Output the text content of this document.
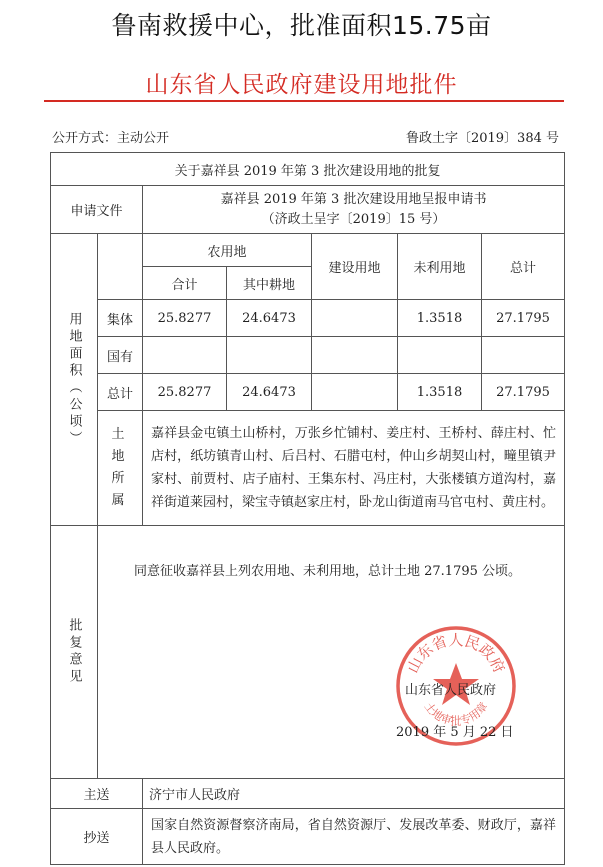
鲁南救援中心，批准面积15.75亩
山东省人民政府建设用地批件
公开方式：主动公开	鲁政土字〔2019〕384 号
关于嘉祥县 2019 年第 3 批次建设用地的批复						
申请文件		嘉祥县 2019 年第 3 批次建设用地呈报申请书
（济政土呈字〔2019〕15 号）				

用地面积（公顷）		农用地		建设用地	未利用地	总计
		合计	其中耕地			
	集体	25.8277	24.6473		1.3518	27.1795
	国有					
	总计	25.8277	24.6473		1.3518	27.1795

	土地所属	嘉祥县金屯镇土山桥村，万张乡忙铺村、姜庄村、王桥村、薛庄村、忙店村，纸坊镇青山村、后吕村、石腊屯村，仲山乡胡契山村，疃里镇尹家村、前贾村、店子庙村、王集东村、冯庄村，大张楼镇方道沟村，嘉祥街道莱园村，梁宝寺镇赵家庄村，卧龙山街道南马官屯村、黄庄村。				

批复意见	同意征收嘉祥县上列农用地、未利用地，总计土地 27.1795 公顷。
山东省人民政府
土地审批专用章
山东省人民政府
2019 年 5 月 22 日					

主送		济宁市人民政府				
抄送		国家自然资源督察济南局，省自然资源厅、发展改革委、财政厅，嘉祥县人民政府。				
